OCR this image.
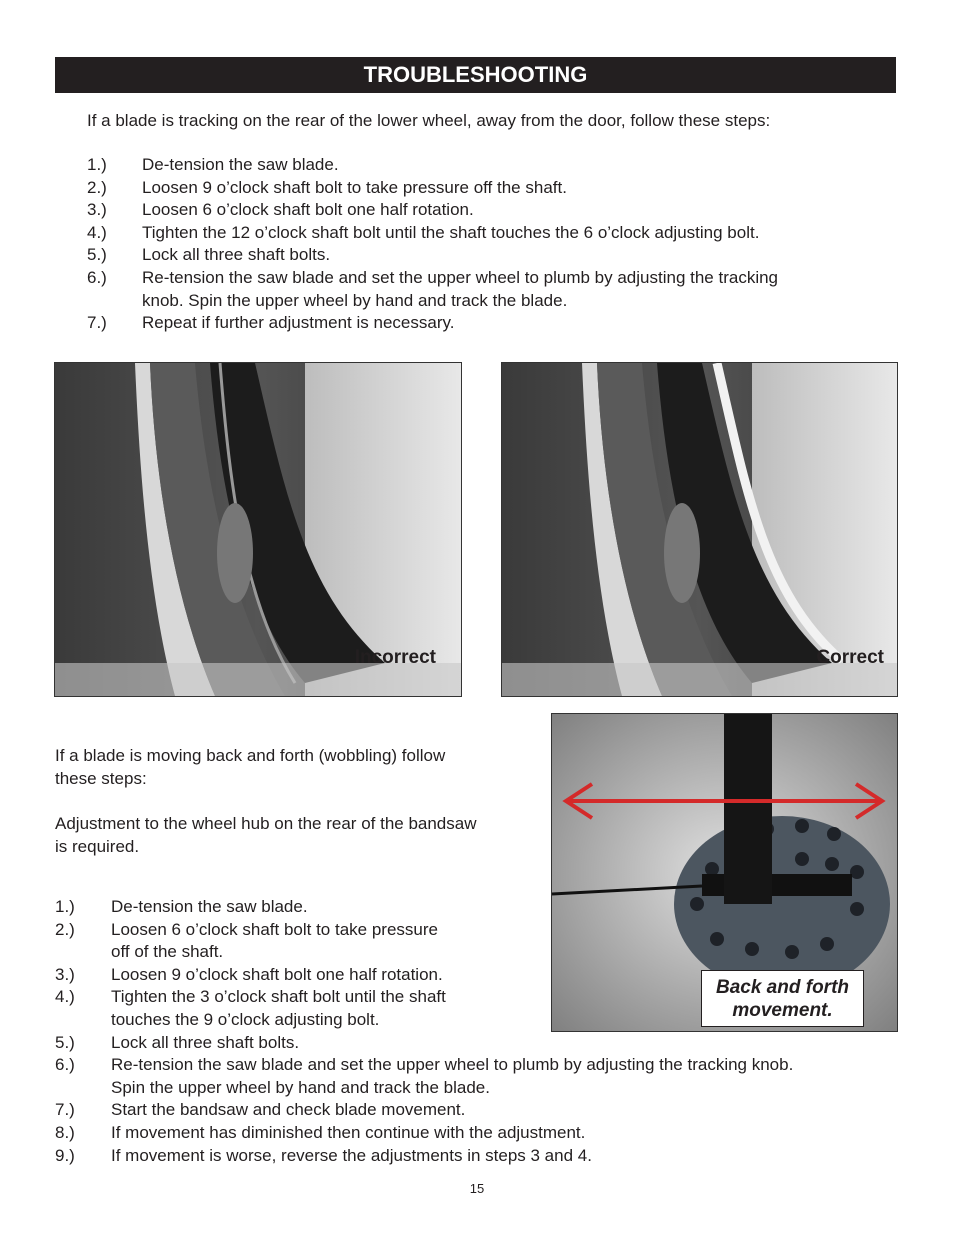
TROUBLESHOOTING
If a blade is tracking on the rear of the lower wheel, away from the door, follow these steps:
1.) De-tension the saw blade.
2.) Loosen 9 o’clock shaft bolt to take pressure off the shaft.
3.) Loosen 6 o’clock shaft bolt one half rotation.
4.) Tighten the 12 o’clock shaft bolt until the shaft touches the 6 o’clock adjusting bolt.
5.) Lock all three shaft bolts.
6.) Re-tension the saw blade and set the upper wheel to plumb by adjusting the tracking
knob. Spin the upper wheel by hand and track the blade.
7.) Repeat if further adjustment is necessary.
Incorrect	Correct
Back and forth
movement.
If a blade is moving back and forth (wobbling) follow
these steps:
Adjustment to the wheel hub on the rear of the bandsaw
is required.
1.) De-tension the saw blade.
2.) Loosen 6 o’clock shaft bolt to take pressure
off of the shaft.
3.) Loosen 9 o’clock shaft bolt one half rotation.
4.) Tighten the 3 o’clock shaft bolt until the shaft
touches the 9 o’clock adjusting bolt.
5.) Lock all three shaft bolts.
6.) Re-tension the saw blade and set the upper wheel to plumb by adjusting the tracking knob.
Spin the upper wheel by hand and track the blade.
7.) Start the bandsaw and check blade movement.
8.) If movement has diminished then continue with the adjustment.
9.) If movement is worse, reverse the adjustments in steps 3 and 4.
15
